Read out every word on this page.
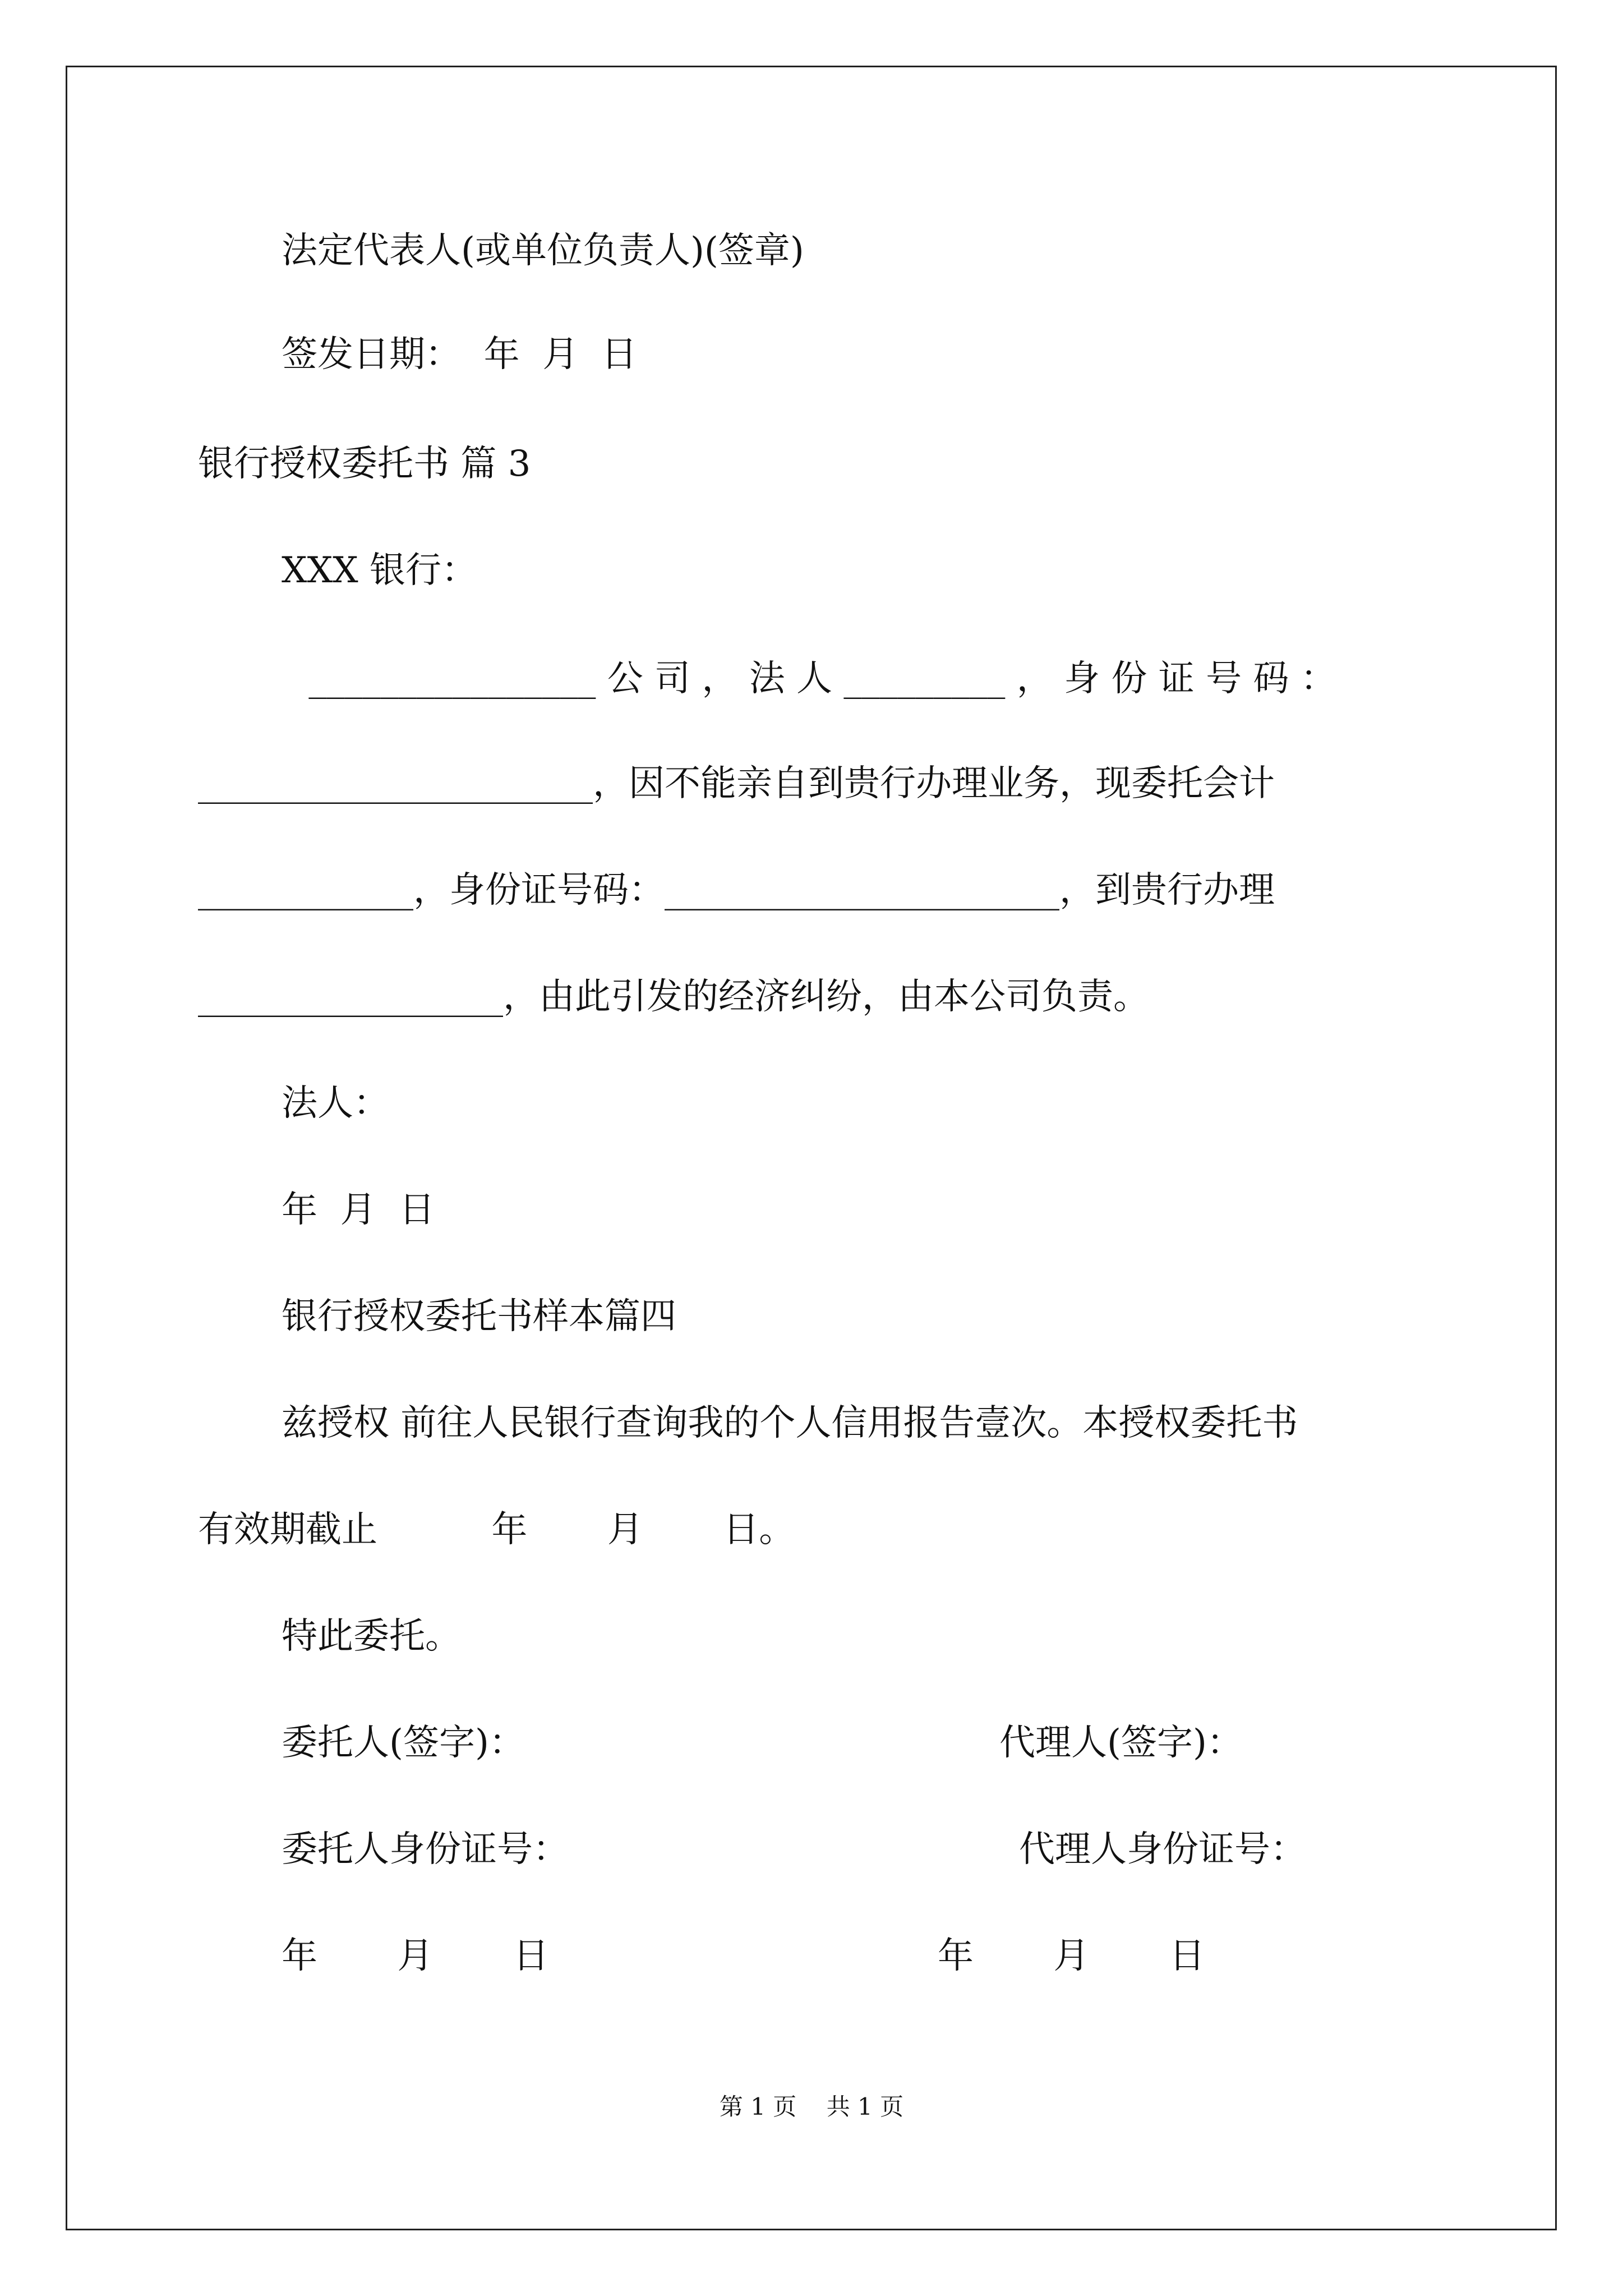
法定代表人(或单位负责人)(签章)

签发日期：  年  月  日

银行授权委托书 篇 3

XXX 银行：

________________ 公 司 ， 法 人 _________ ， 身 份 证 号 码 ：

______________________，因不能亲自到贵行办理业务，现委托会计

____________，身份证号码：______________________，到贵行办理

_________________，由此引发的经济纠纷，由本公司负责。

法人：

年  月  日

银行授权委托书样本篇四

兹授权 前往人民银行查询我的个人信用报告壹次。本授权委托书

有效期截止          年       月       日。

特此委托。

委托人(签字)：	代理人(签字)：

委托人身份证号：	代理人身份证号：

年       月       日	年       月       日

第 1 页    共 1 页
